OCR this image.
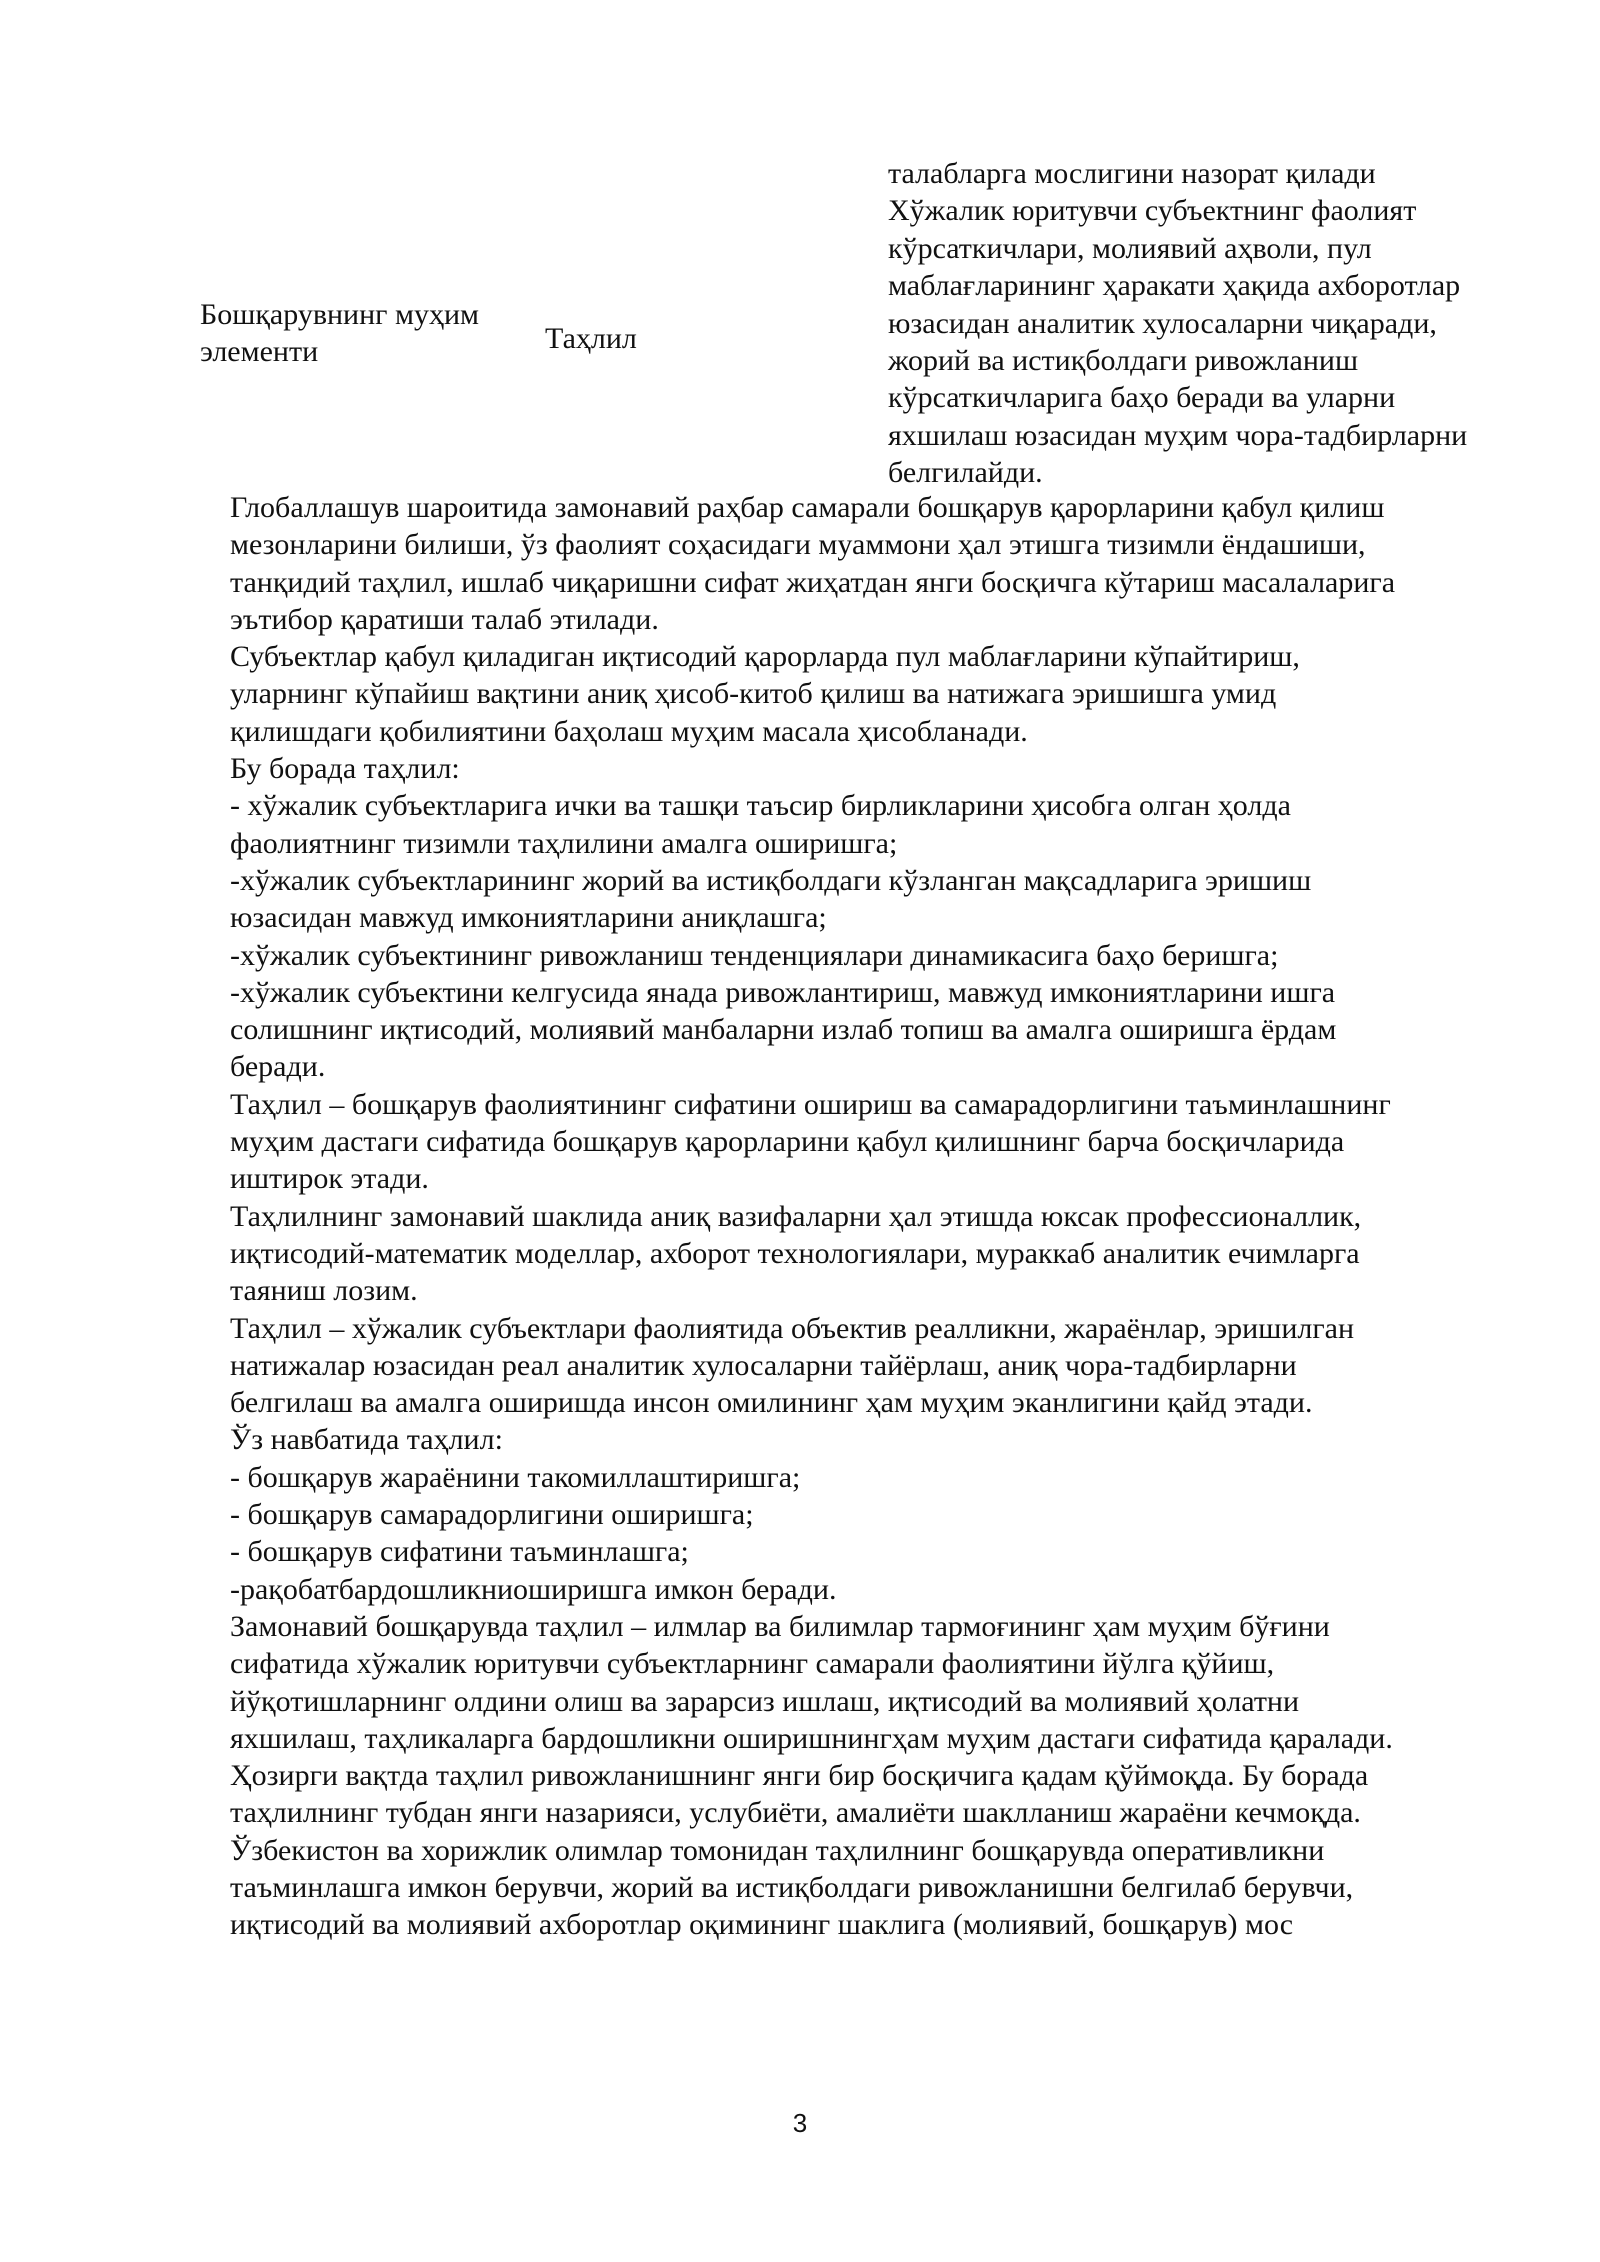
Бошқарувнинг муҳим
элементи	Таҳлил
талабларга мослигини назорат қилади
Хўжалик юритувчи субъектнинг фаолият
кўрсаткичлари, молиявий аҳволи, пул
маблағларининг ҳаракати ҳақида ахборотлар
юзасидан аналитик хулосаларни чиқаради,
жорий ва истиқболдаги ривожланиш
кўрсаткичларига баҳо беради ва уларни
яхшилаш юзасидан муҳим чора-тадбирларни
белгилайди.
Глобаллашув шароитида замонавий раҳбар самарали бошқарув қарорларини қабул қилиш
мезонларини билиши, ўз фаолият соҳасидаги муаммони ҳал этишга тизимли ёндашиши,
танқидий таҳлил, ишлаб чиқаришни сифат жиҳатдан янги босқичга кўтариш масалаларига
эътибор қаратиши талаб этилади.
Субъектлар қабул қиладиган иқтисодий қарорларда пул маблағларини кўпайтириш,
уларнинг кўпайиш вақтини аниқ ҳисоб-китоб қилиш ва натижага эришишга умид
қилишдаги қобилиятини баҳолаш муҳим масала ҳисобланади.
Бу борада таҳлил:
- хўжалик субъектларига ички ва ташқи таъсир бирликларини ҳисобга олган ҳолда
фаолиятнинг тизимли таҳлилини амалга оширишга;
-хўжалик субъектларининг жорий ва истиқболдаги кўзланган мақсадларига эришиш
юзасидан мавжуд имкониятларини аниқлашга;
-хўжалик субъектининг ривожланиш тенденциялари динамикасига баҳо беришга;
-хўжалик субъектини келгусида янада ривожлантириш, мавжуд имкониятларини ишга
солишнинг иқтисодий, молиявий манбаларни излаб топиш ва амалга оширишга ёрдам
беради.
Таҳлил – бошқарув фаолиятининг сифатини ошириш ва самарадорлигини таъминлашнинг
муҳим дастаги сифатида бошқарув қарорларини қабул қилишнинг барча босқичларида
иштирок этади.
Таҳлилнинг замонавий шаклида аниқ вазифаларни ҳал этишда юксак профессионаллик,
иқтисодий-математик моделлар, ахборот технологиялари, мураккаб аналитик ечимларга
таяниш лозим.
Таҳлил – хўжалик субъектлари фаолиятида объектив реалликни, жараёнлар, эришилган
натижалар юзасидан реал аналитик хулосаларни тайёрлаш, аниқ чора-тадбирларни
белгилаш ва амалга оширишда инсон омилининг ҳам муҳим эканлигини қайд этади.
Ўз навбатида таҳлил:
- бошқарув жараёнини такомиллаштиришга;
- бошқарув самарадорлигини оширишга;
- бошқарув сифатини таъминлашга;
-рақобатбардошликниоширишга имкон беради.
Замонавий бошқарувда таҳлил – илмлар ва билимлар тармоғининг ҳам муҳим бўғини
сифатида хўжалик юритувчи субъектларнинг самарали фаолиятини йўлга қўйиш,
йўқотишларнинг олдини олиш ва зарарсиз ишлаш, иқтисодий ва молиявий ҳолатни
яхшилаш, таҳликаларга бардошликни оширишнингҳам муҳим дастаги сифатида қаралади.
Ҳозирги вақтда таҳлил ривожланишнинг янги бир босқичига қадам қўймоқда. Бу борада
таҳлилнинг тубдан янги назарияси, услубиёти, амалиёти шаклланиш жараёни кечмоқда.
Ўзбекистон ва хорижлик олимлар томонидан таҳлилнинг бошқарувда оперативликни
таъминлашга имкон берувчи, жорий ва истиқболдаги ривожланишни белгилаб берувчи,
иқтисодий ва молиявий ахборотлар оқимининг шаклига (молиявий, бошқарув) мос
3
